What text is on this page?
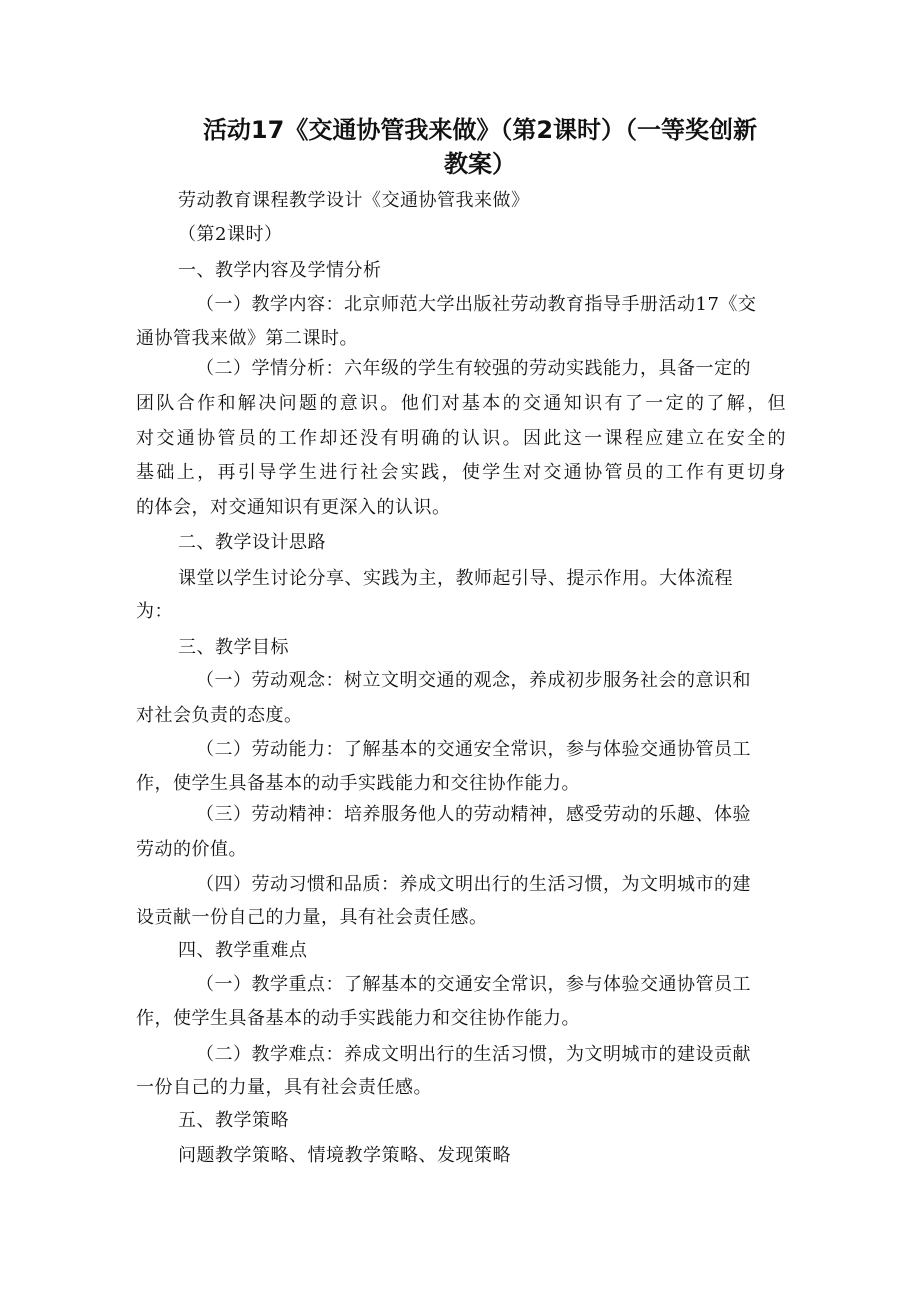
活动17《交通协管我来做》（第2课时）（一等奖创新
教案）
劳动教育课程教学设计《交通协管我来做》
（第2课时）
一、教学内容及学情分析
（一）教学内容：北京师范大学出版社劳动教育指导手册活动17《交
通协管我来做》第二课时。
（二）学情分析：六年级的学生有较强的劳动实践能力，具备一定的
团队合作和解决问题的意识。他们对基本的交通知识有了一定的了解，但
对交通协管员的工作却还没有明确的认识。因此这一课程应建立在安全的
基础上，再引导学生进行社会实践，使学生对交通协管员的工作有更切身
的体会，对交通知识有更深入的认识。
二、教学设计思路
课堂以学生讨论分享、实践为主，教师起引导、提示作用。大体流程
为：
三、教学目标
（一）劳动观念：树立文明交通的观念，养成初步服务社会的意识和
对社会负责的态度。
（二）劳动能力：了解基本的交通安全常识，参与体验交通协管员工
作，使学生具备基本的动手实践能力和交往协作能力。
（三）劳动精神：培养服务他人的劳动精神，感受劳动的乐趣、体验
劳动的价值。
（四）劳动习惯和品质：养成文明出行的生活习惯，为文明城市的建
设贡献一份自己的力量，具有社会责任感。
四、教学重难点
（一）教学重点：了解基本的交通安全常识，参与体验交通协管员工
作，使学生具备基本的动手实践能力和交往协作能力。
（二）教学难点：养成文明出行的生活习惯，为文明城市的建设贡献
一份自己的力量，具有社会责任感。
五、教学策略
问题教学策略、情境教学策略、发现策略
